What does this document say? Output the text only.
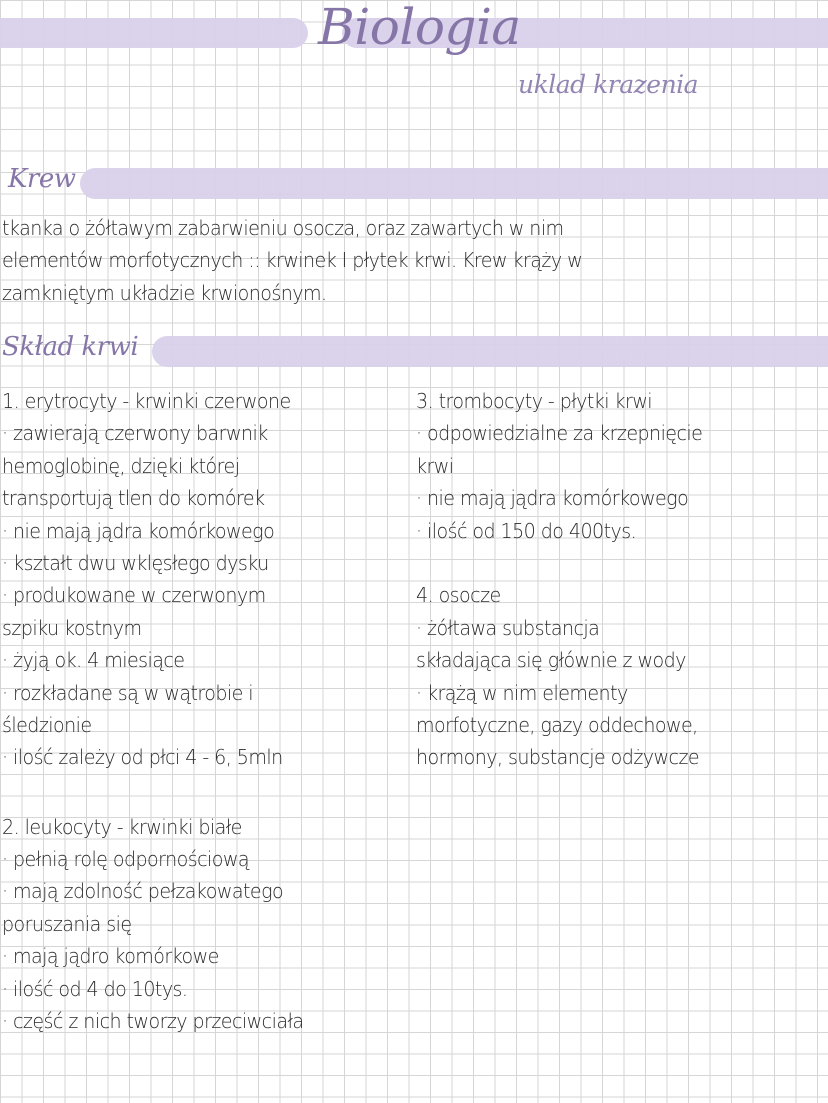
Biologia
uklad krazenia
Krew
tkanka o żółtawym zabarwieniu osocza, oraz zawartych w nim
elementów morfotycznych :: krwinek I płytek krwi. Krew krąży w
zamkniętym układzie krwionośnym.
Skład krwi
1. erytrocyty - krwinki czerwone
· zawierają czerwony barwnik
hemoglobinę, dzięki której
transportują tlen do komórek
· nie mają jądra komórkowego
· kształt dwu wklęsłego dysku
· produkowane w czerwonym
szpiku kostnym
· żyją ok. 4 miesiące
· rozkładane są w wątrobie i
śledzionie
· ilość zależy od płci 4 - 6, 5mln
2. leukocyty - krwinki białe
· pełnią rolę odpornościową
· mają zdolność pełzakowatego
poruszania się
· mają jądro komórkowe
· ilość od 4 do 10tys.
· część z nich tworzy przeciwciała
3. trombocyty - płytki krwi
· odpowiedzialne za krzepnięcie
krwi
· nie mają jądra komórkowego
· ilość od 150 do 400tys.
4. osocze
· żółtawa substancja
składająca się głównie z wody
· krążą w nim elementy
morfotyczne, gazy oddechowe,
hormony, substancje odżywcze
